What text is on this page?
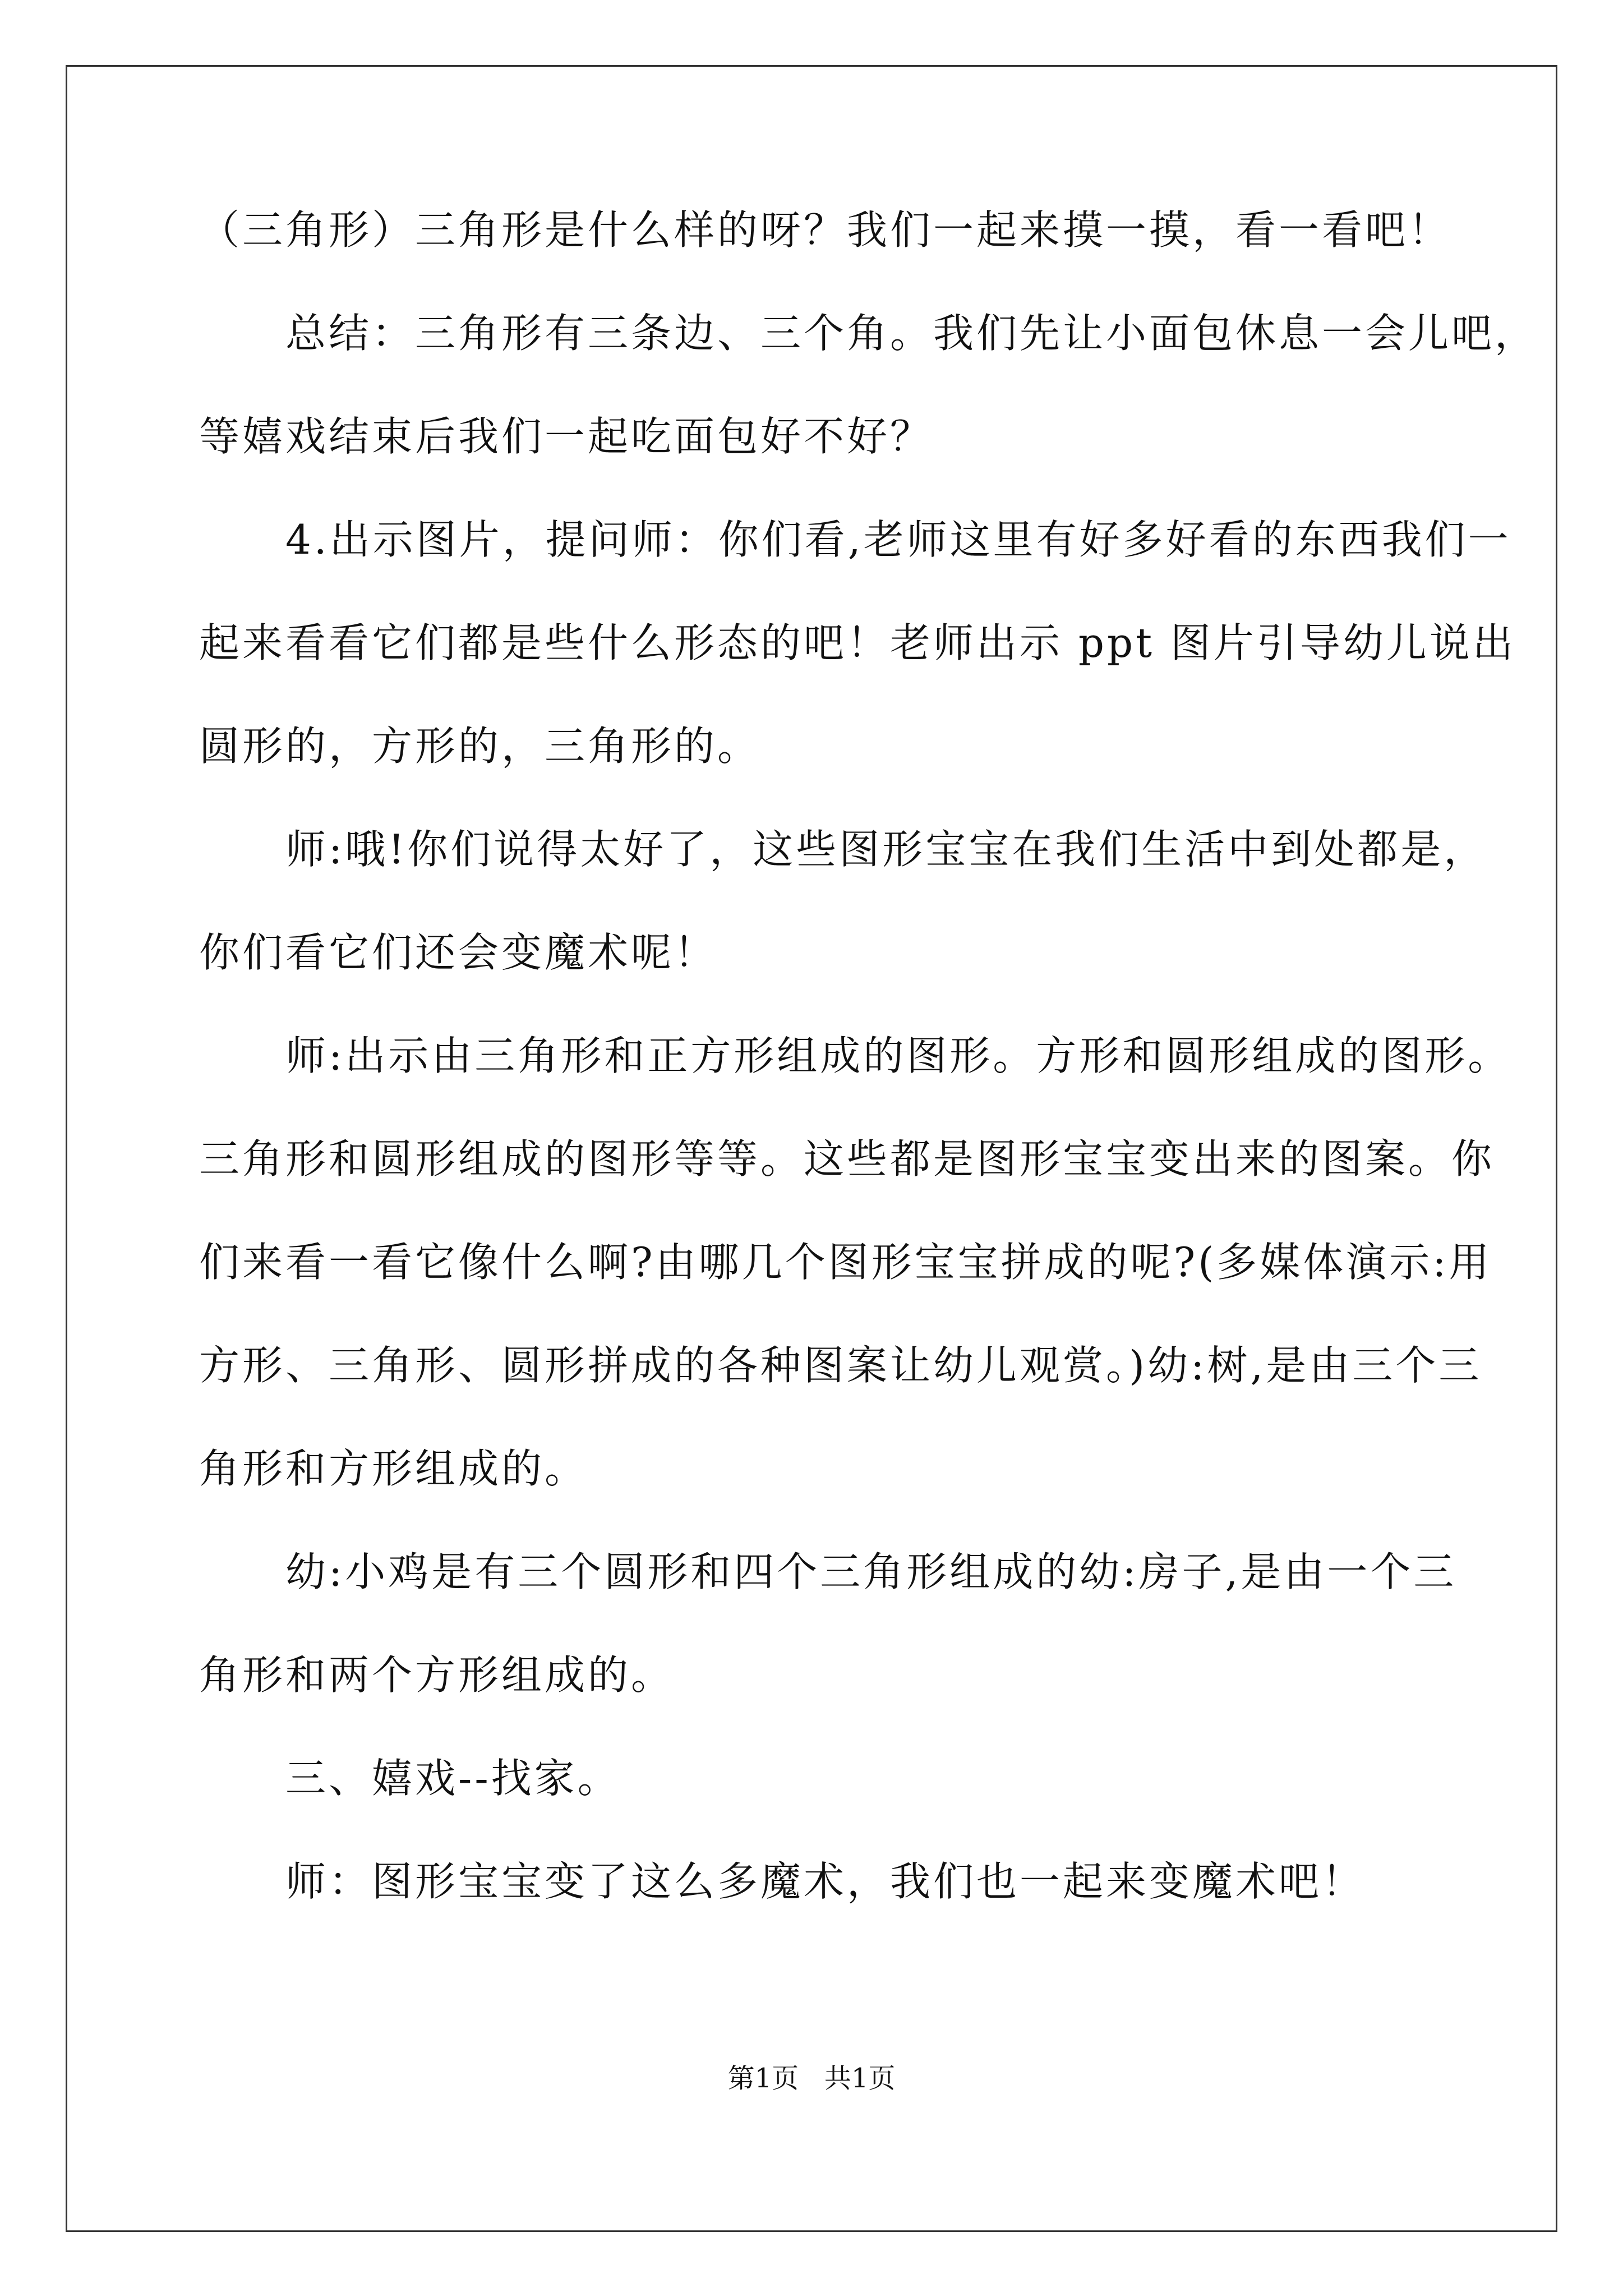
（三角形）三角形是什么样的呀？我们一起来摸一摸，看一看吧！
　　总结：三角形有三条边、三个角。我们先让小面包休息一会儿吧，
等嬉戏结束后我们一起吃面包好不好？
　　4.出示图片，提问师：你们看,老师这里有好多好看的东西我们一
起来看看它们都是些什么形态的吧！老师出示 ppt 图片引导幼儿说出
圆形的，方形的，三角形的。
　　师:哦!你们说得太好了，这些图形宝宝在我们生活中到处都是，
你们看它们还会变魔术呢！
　　师:出示由三角形和正方形组成的图形。方形和圆形组成的图形。
三角形和圆形组成的图形等等。这些都是图形宝宝变出来的图案。你
们来看一看它像什么啊?由哪几个图形宝宝拼成的呢?(多媒体演示:用
方形、三角形、圆形拼成的各种图案让幼儿观赏。)幼:树,是由三个三
角形和方形组成的。
　　幼:小鸡是有三个圆形和四个三角形组成的幼:房子,是由一个三
角形和两个方形组成的。
　　三、嬉戏--找家。
　　师：图形宝宝变了这么多魔术，我们也一起来变魔术吧！
第1页   共1页
